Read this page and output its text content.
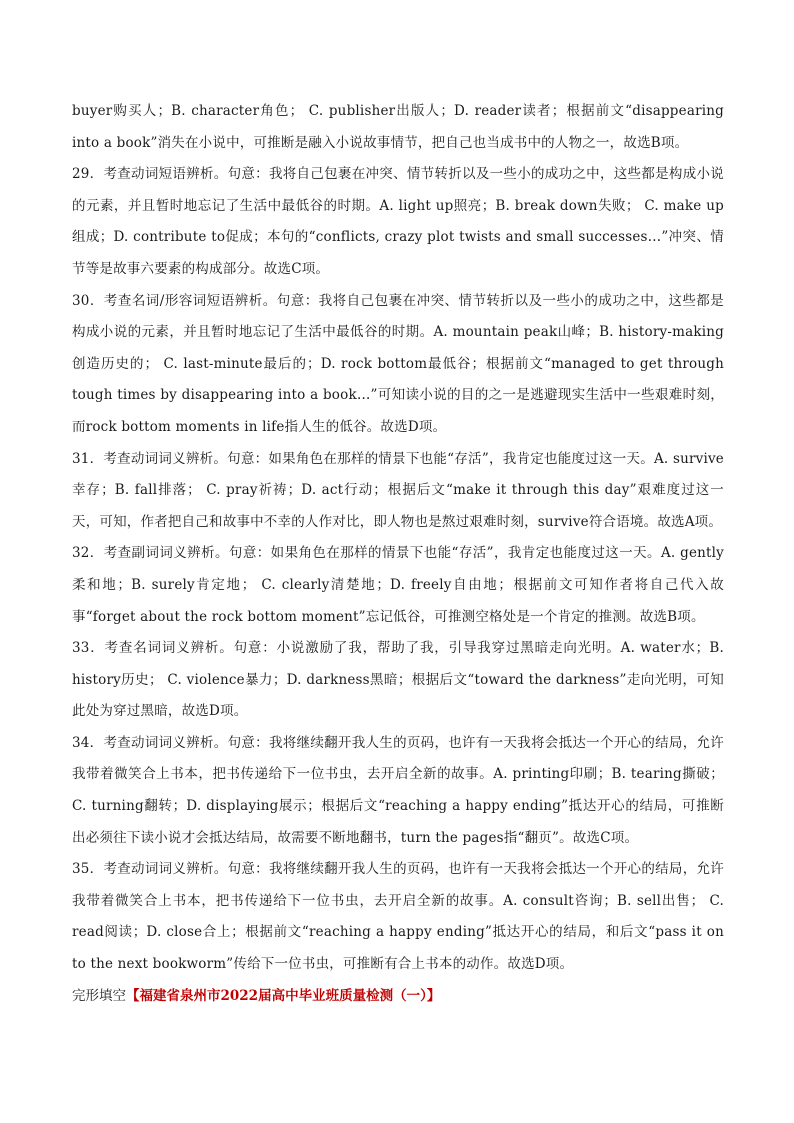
buyer购买人；B. character角色； C. publisher出版人；D. reader读者；根据前文“disappearing into a book”消失在小说中，可推断是融入小说故事情节，把自己也当成书中的人物之一，故选B项。

29．考查动词短语辨析。句意：我将自己包裹在冲突、情节转折以及一些小的成功之中，这些都是构成小说的元素，并且暂时地忘记了生活中最低谷的时期。A. light up照亮；B. break down失败； C. make up组成；D. contribute to促成；本句的“conflicts, crazy plot twists and small successes…”冲突、情节等是故事六要素的构成部分。故选C项。

30．考查名词/形容词短语辨析。句意：我将自己包裹在冲突、情节转折以及一些小的成功之中，这些都是构成小说的元素，并且暂时地忘记了生活中最低谷的时期。A. mountain peak山峰；B. history-making创造历史的； C. last-minute最后的；D. rock bottom最低谷；根据前文“managed to get through tough times by disappearing into a book…”可知读小说的目的之一是逃避现实生活中一些艰难时刻，而rock bottom moments in life指人生的低谷。故选D项。

31．考查动词词义辨析。句意：如果角色在那样的情景下也能“存活”，我肯定也能度过这一天。A. survive幸存；B. fall排落； C. pray祈祷；D. act行动；根据后文“make it through this day”艰难度过这一天，可知，作者把自己和故事中不幸的人作对比，即人物也是熬过艰难时刻，survive符合语境。故选A项。

32．考查副词词义辨析。句意：如果角色在那样的情景下也能“存活”，我肯定也能度过这一天。A. gently柔和地；B. surely肯定地； C. clearly清楚地；D. freely自由地；根据前文可知作者将自己代入故事“forget about the rock bottom moment”忘记低谷，可推测空格处是一个肯定的推测。故选B项。

33．考查名词词义辨析。句意：小说激励了我，帮助了我，引导我穿过黑暗走向光明。A. water水；B. history历史； C. violence暴力；D. darkness黑暗；根据后文“toward the darkness”走向光明，可知此处为穿过黑暗，故选D项。

34．考查动词词义辨析。句意：我将继续翻开我人生的页码，也许有一天我将会抵达一个开心的结局，允许我带着微笑合上书本，把书传递给下一位书虫，去开启全新的故事。A. printing印刷；B. tearing撕破；C. turning翻转；D. displaying展示；根据后文“reaching a happy ending”抵达开心的结局，可推断出必须往下读小说才会抵达结局，故需要不断地翻书，turn the pages指“翻页”。故选C项。

35．考查动词词义辨析。句意：我将继续翻开我人生的页码，也许有一天我将会抵达一个开心的结局，允许我带着微笑合上书本，把书传递给下一位书虫，去开启全新的故事。A. consult咨询；B. sell出售； C. read阅读；D. close合上；根据前文“reaching a happy ending”抵达开心的结局，和后文“pass it on to the next bookworm”传给下一位书虫，可推断有合上书本的动作。故选D项。

完形填空【福建省泉州市2022届高中毕业班质量检测（一）】
